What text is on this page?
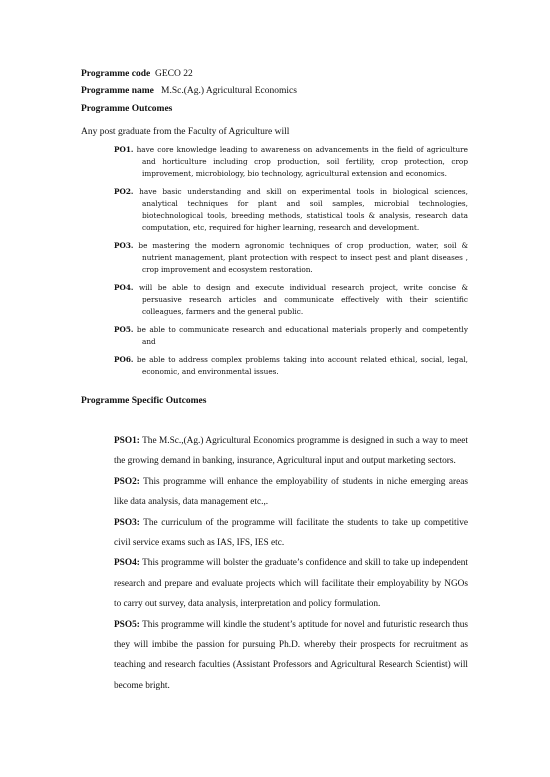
Programme code GECO 22
Programme name M.Sc.(Ag.) Agricultural Economics
Programme Outcomes
Any post graduate from the Faculty of Agriculture will

PO1. have core knowledge leading to awareness on advancements in the field of agriculture and horticulture including crop production, soil fertility, crop protection, crop improvement, microbiology, bio technology, agricultural extension and economics.

PO2. have basic understanding and skill on experimental tools in biological sciences, analytical techniques for plant and soil samples, microbial technologies, biotechnological tools, breeding methods, statistical tools & analysis, research data computation, etc, required for higher learning, research and development.

PO3. be mastering the modern agronomic techniques of crop production, water, soil & nutrient management, plant protection with respect to insect pest and plant diseases , crop improvement and ecosystem restoration.

PO4. will be able to design and execute individual research project, write concise & persuasive research articles and communicate effectively with their scientific colleagues, farmers and the general public.

PO5. be able to communicate research and educational materials properly and competently and

PO6. be able to address complex problems taking into account related ethical, social, legal, economic, and environmental issues.

Programme Specific Outcomes

PSO1: The M.Sc.,(Ag.) Agricultural Economics programme is designed in such a way to meet the growing demand in banking, insurance, Agricultural input and output marketing sectors.

PSO2: This programme will enhance the employability of students in niche emerging areas like data analysis, data management etc.,.

PSO3: The curriculum of the programme will facilitate the students to take up competitive civil service exams such as IAS, IFS, IES etc.

PSO4: This programme will bolster the graduate’s confidence and skill to take up independent research and prepare and evaluate projects which will facilitate their employability by NGOs to carry out survey, data analysis, interpretation and policy formulation.

PSO5: This programme will kindle the student’s aptitude for novel and futuristic research thus they will imbibe the passion for pursuing Ph.D. whereby their prospects for recruitment as teaching and research faculties (Assistant Professors and Agricultural Research Scientist) will become bright.
